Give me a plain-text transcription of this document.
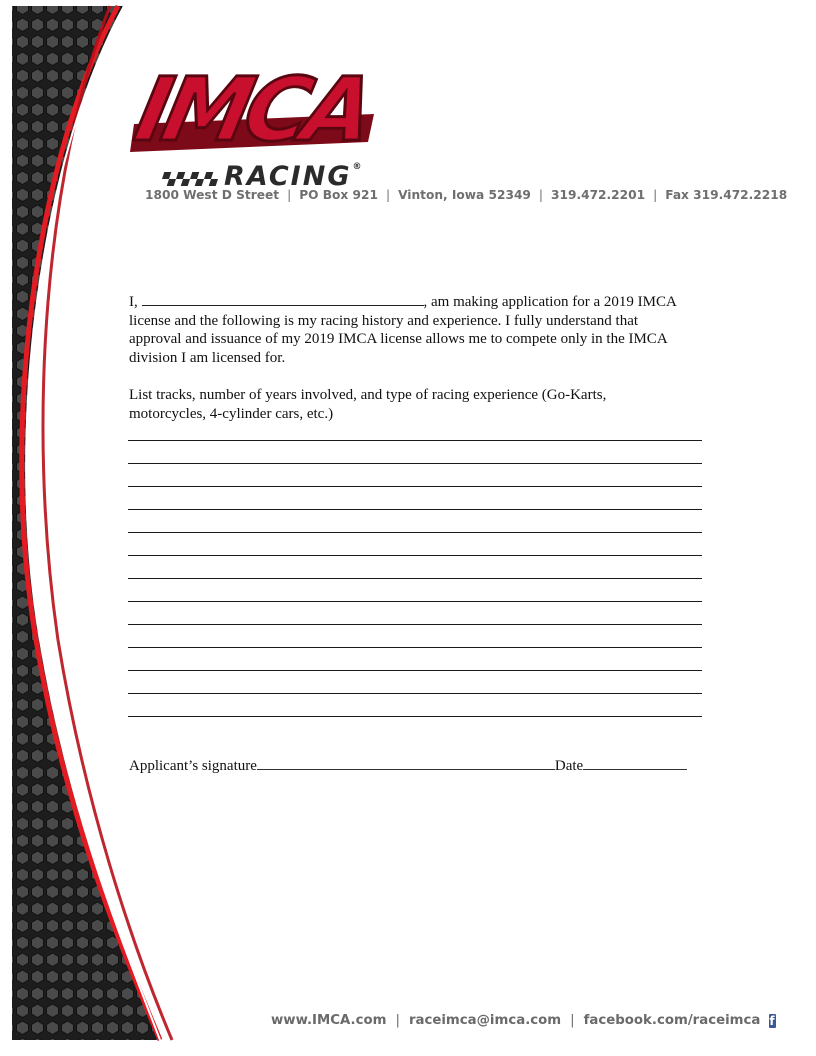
IMCA
RACING®
1800 West D Street | PO Box 921 | Vinton, Iowa 52349 | 319.472.2201 | Fax 319.472.2218
I,	, am making application for a 2019 IMCA
license and the following is my racing history and experience. I fully understand that
approval and issuance of my 2019 IMCA license allows me to compete only in the IMCA
division I am licensed for.
List tracks, number of years involved, and type of racing experience (Go-Karts,
motorcycles, 4-cylinder cars, etc.)
Applicant’s signature	Date
www.IMCA.com | raceimca@imca.com | facebook.com/raceimca f
